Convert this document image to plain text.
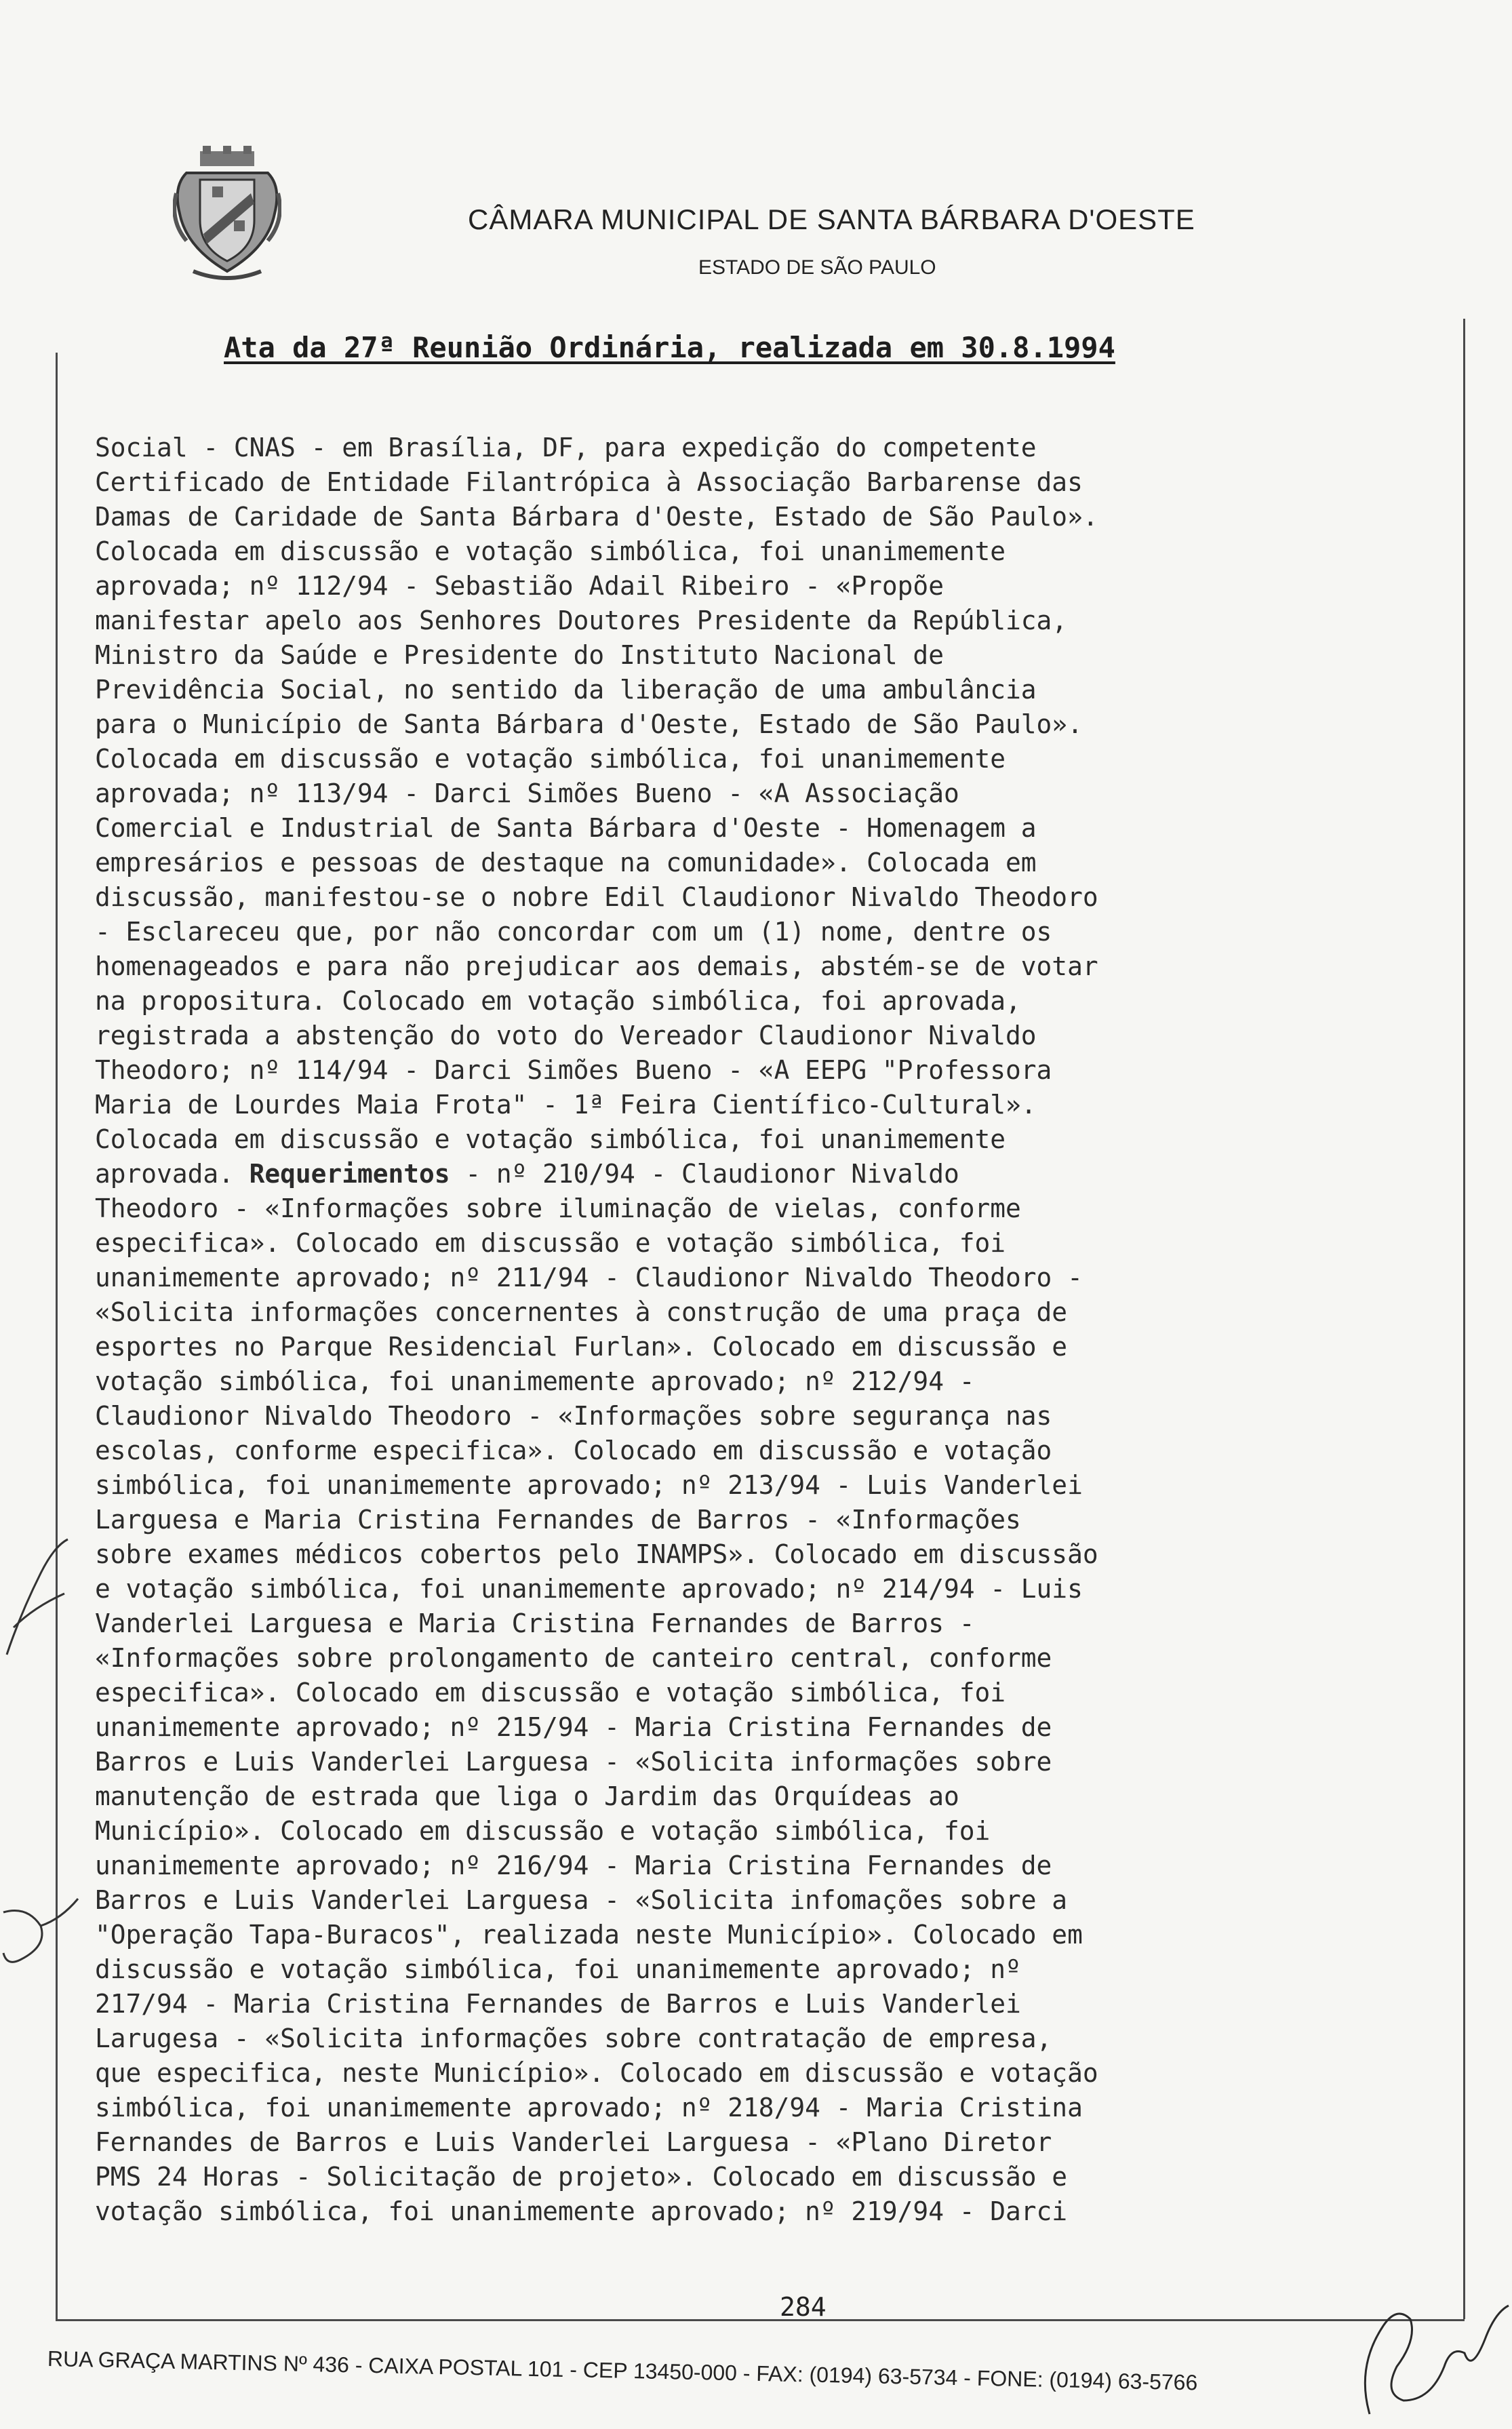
CÂMARA MUNICIPAL DE SANTA BÁRBARA D'OESTE
ESTADO DE SÃO PAULO
Ata da 27ª Reunião Ordinária, realizada em 30.8.1994
Social - CNAS - em Brasília, DF, para expedição do competente
Certificado de Entidade Filantrópica à Associação Barbarense das
Damas de Caridade de Santa Bárbara d'Oeste, Estado de São Paulo».
Colocada em discussão e votação simbólica, foi unanimemente
aprovada; nº 112/94 - Sebastião Adail Ribeiro - «Propõe
manifestar apelo aos Senhores Doutores Presidente da República,
Ministro da Saúde e Presidente do Instituto Nacional de
Previdência Social, no sentido da liberação de uma ambulância
para o Município de Santa Bárbara d'Oeste, Estado de São Paulo».
Colocada em discussão e votação simbólica, foi unanimemente
aprovada; nº 113/94 - Darci Simões Bueno - «A Associação
Comercial e Industrial de Santa Bárbara d'Oeste - Homenagem a
empresários e pessoas de destaque na comunidade». Colocada em
discussão, manifestou-se o nobre Edil Claudionor Nivaldo Theodoro
- Esclareceu que, por não concordar com um (1) nome, dentre os
homenageados e para não prejudicar aos demais, abstém-se de votar
na propositura. Colocado em votação simbólica, foi aprovada,
registrada a abstenção do voto do Vereador Claudionor Nivaldo
Theodoro; nº 114/94 - Darci Simões Bueno - «A EEPG "Professora
Maria de Lourdes Maia Frota" - 1ª Feira Científico-Cultural».
Colocada em discussão e votação simbólica, foi unanimemente
aprovada. Requerimentos - nº 210/94 - Claudionor Nivaldo
Theodoro - «Informações sobre iluminação de vielas, conforme
especifica». Colocado em discussão e votação simbólica, foi
unanimemente aprovado; nº 211/94 - Claudionor Nivaldo Theodoro -
«Solicita informações concernentes à construção de uma praça de
esportes no Parque Residencial Furlan». Colocado em discussão e
votação simbólica, foi unanimemente aprovado; nº 212/94 -
Claudionor Nivaldo Theodoro - «Informações sobre segurança nas
escolas, conforme especifica». Colocado em discussão e votação
simbólica, foi unanimemente aprovado; nº 213/94 - Luis Vanderlei
Larguesa e Maria Cristina Fernandes de Barros - «Informações
sobre exames médicos cobertos pelo INAMPS». Colocado em discussão
e votação simbólica, foi unanimemente aprovado; nº 214/94 - Luis
Vanderlei Larguesa e Maria Cristina Fernandes de Barros -
«Informações sobre prolongamento de canteiro central, conforme
especifica». Colocado em discussão e votação simbólica, foi
unanimemente aprovado; nº 215/94 - Maria Cristina Fernandes de
Barros e Luis Vanderlei Larguesa - «Solicita informações sobre
manutenção de estrada que liga o Jardim das Orquídeas ao
Município». Colocado em discussão e votação simbólica, foi
unanimemente aprovado; nº 216/94 - Maria Cristina Fernandes de
Barros e Luis Vanderlei Larguesa - «Solicita infomações sobre a
"Operação Tapa-Buracos", realizada neste Município». Colocado em
discussão e votação simbólica, foi unanimemente aprovado; nº
217/94 - Maria Cristina Fernandes de Barros e Luis Vanderlei
Larugesa - «Solicita informações sobre contratação de empresa,
que especifica, neste Município». Colocado em discussão e votação
simbólica, foi unanimemente aprovado; nº 218/94 - Maria Cristina
Fernandes de Barros e Luis Vanderlei Larguesa - «Plano Diretor
PMS 24 Horas - Solicitação de projeto». Colocado em discussão e
votação simbólica, foi unanimemente aprovado; nº 219/94 - Darci
284
RUA GRAÇA MARTINS Nº 436 - CAIXA POSTAL 101 - CEP 13450-000 - FAX: (0194) 63-5734 - FONE: (0194) 63-5766
